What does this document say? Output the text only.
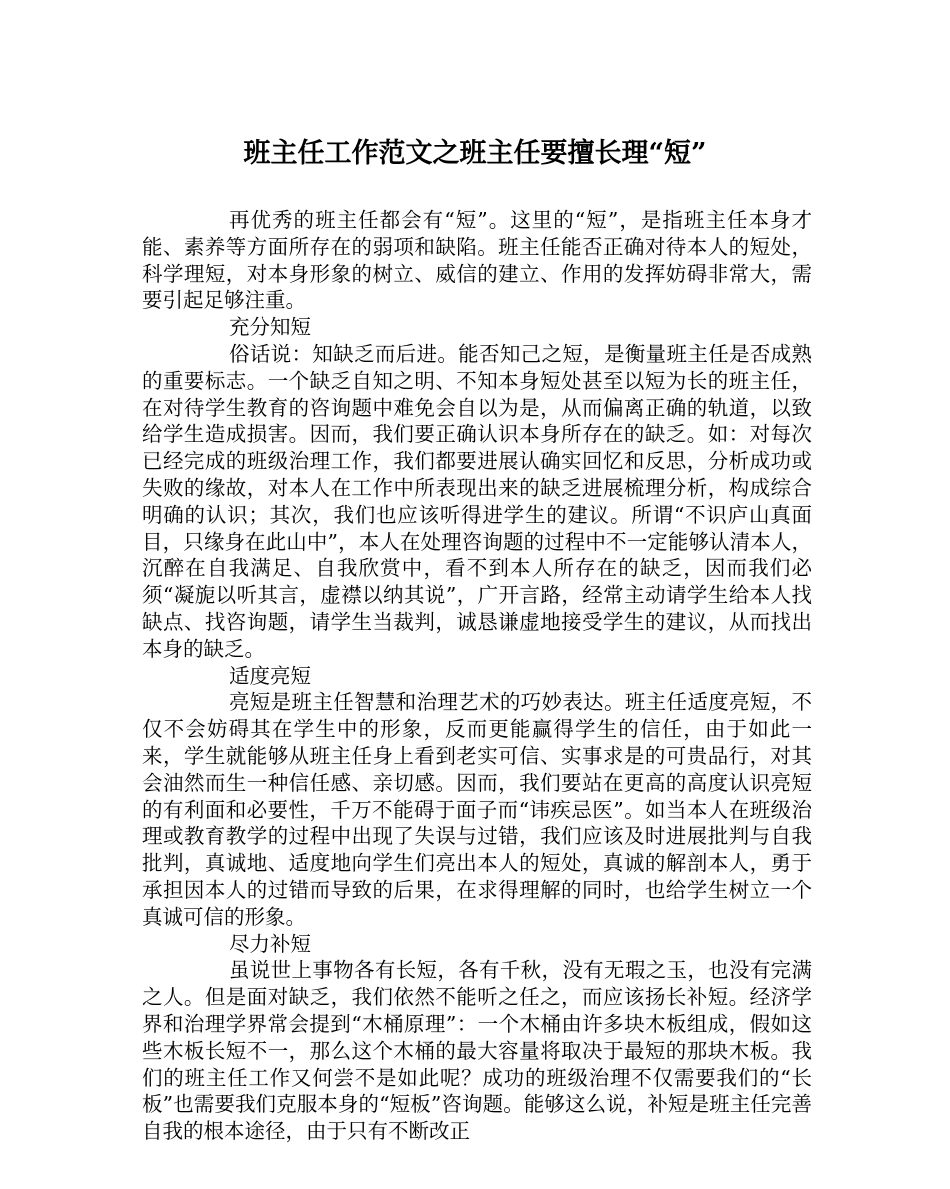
班主任工作范文之班主任要擅长理“短”

再优秀的班主任都会有“短”。这里的“短”，是指班主任本身才能、素养等方面所存在的弱项和缺陷。班主任能否正确对待本人的短处，科学理短，对本身形象的树立、威信的建立、作用的发挥妨碍非常大，需要引起足够注重。

充分知短

俗话说：知缺乏而后进。能否知己之短，是衡量班主任是否成熟的重要标志。一个缺乏自知之明、不知本身短处甚至以短为长的班主任，在对待学生教育的咨询题中难免会自以为是，从而偏离正确的轨道，以致给学生造成损害。因而，我们要正确认识本身所存在的缺乏。如：对每次已经完成的班级治理工作，我们都要进展认确实回忆和反思，分析成功或失败的缘故，对本人在工作中所表现出来的缺乏进展梳理分析，构成综合明确的认识；其次，我们也应该听得进学生的建议。所谓“不识庐山真面目，只缘身在此山中”，本人在处理咨询题的过程中不一定能够认清本人，沉醉在自我满足、自我欣赏中，看不到本人所存在的缺乏，因而我们必须“凝旎以听其言，虚襟以纳其说”，广开言路，经常主动请学生给本人找缺点、找咨询题，请学生当裁判，诚恳谦虚地接受学生的建议，从而找出本身的缺乏。

适度亮短

亮短是班主任智慧和治理艺术的巧妙表达。班主任适度亮短，不仅不会妨碍其在学生中的形象，反而更能赢得学生的信任，由于如此一来，学生就能够从班主任身上看到老实可信、实事求是的可贵品行，对其会油然而生一种信任感、亲切感。因而，我们要站在更高的高度认识亮短的有利面和必要性，千万不能碍于面子而“讳疾忌医”。如当本人在班级治理或教育教学的过程中出现了失误与过错，我们应该及时进展批判与自我批判，真诚地、适度地向学生们亮出本人的短处，真诚的解剖本人，勇于承担因本人的过错而导致的后果，在求得理解的同时，也给学生树立一个真诚可信的形象。

尽力补短

虽说世上事物各有长短，各有千秋，没有无瑕之玉，也没有完满之人。但是面对缺乏，我们依然不能听之任之，而应该扬长补短。经济学界和治理学界常会提到“木桶原理”：一个木桶由许多块木板组成，假如这些木板长短不一，那么这个木桶的最大容量将取决于最短的那块木板。我们的班主任工作又何尝不是如此呢？成功的班级治理不仅需要我们的“长板”也需要我们克服本身的“短板”咨询题。能够这么说，补短是班主任完善自我的根本途径，由于只有不断改正
